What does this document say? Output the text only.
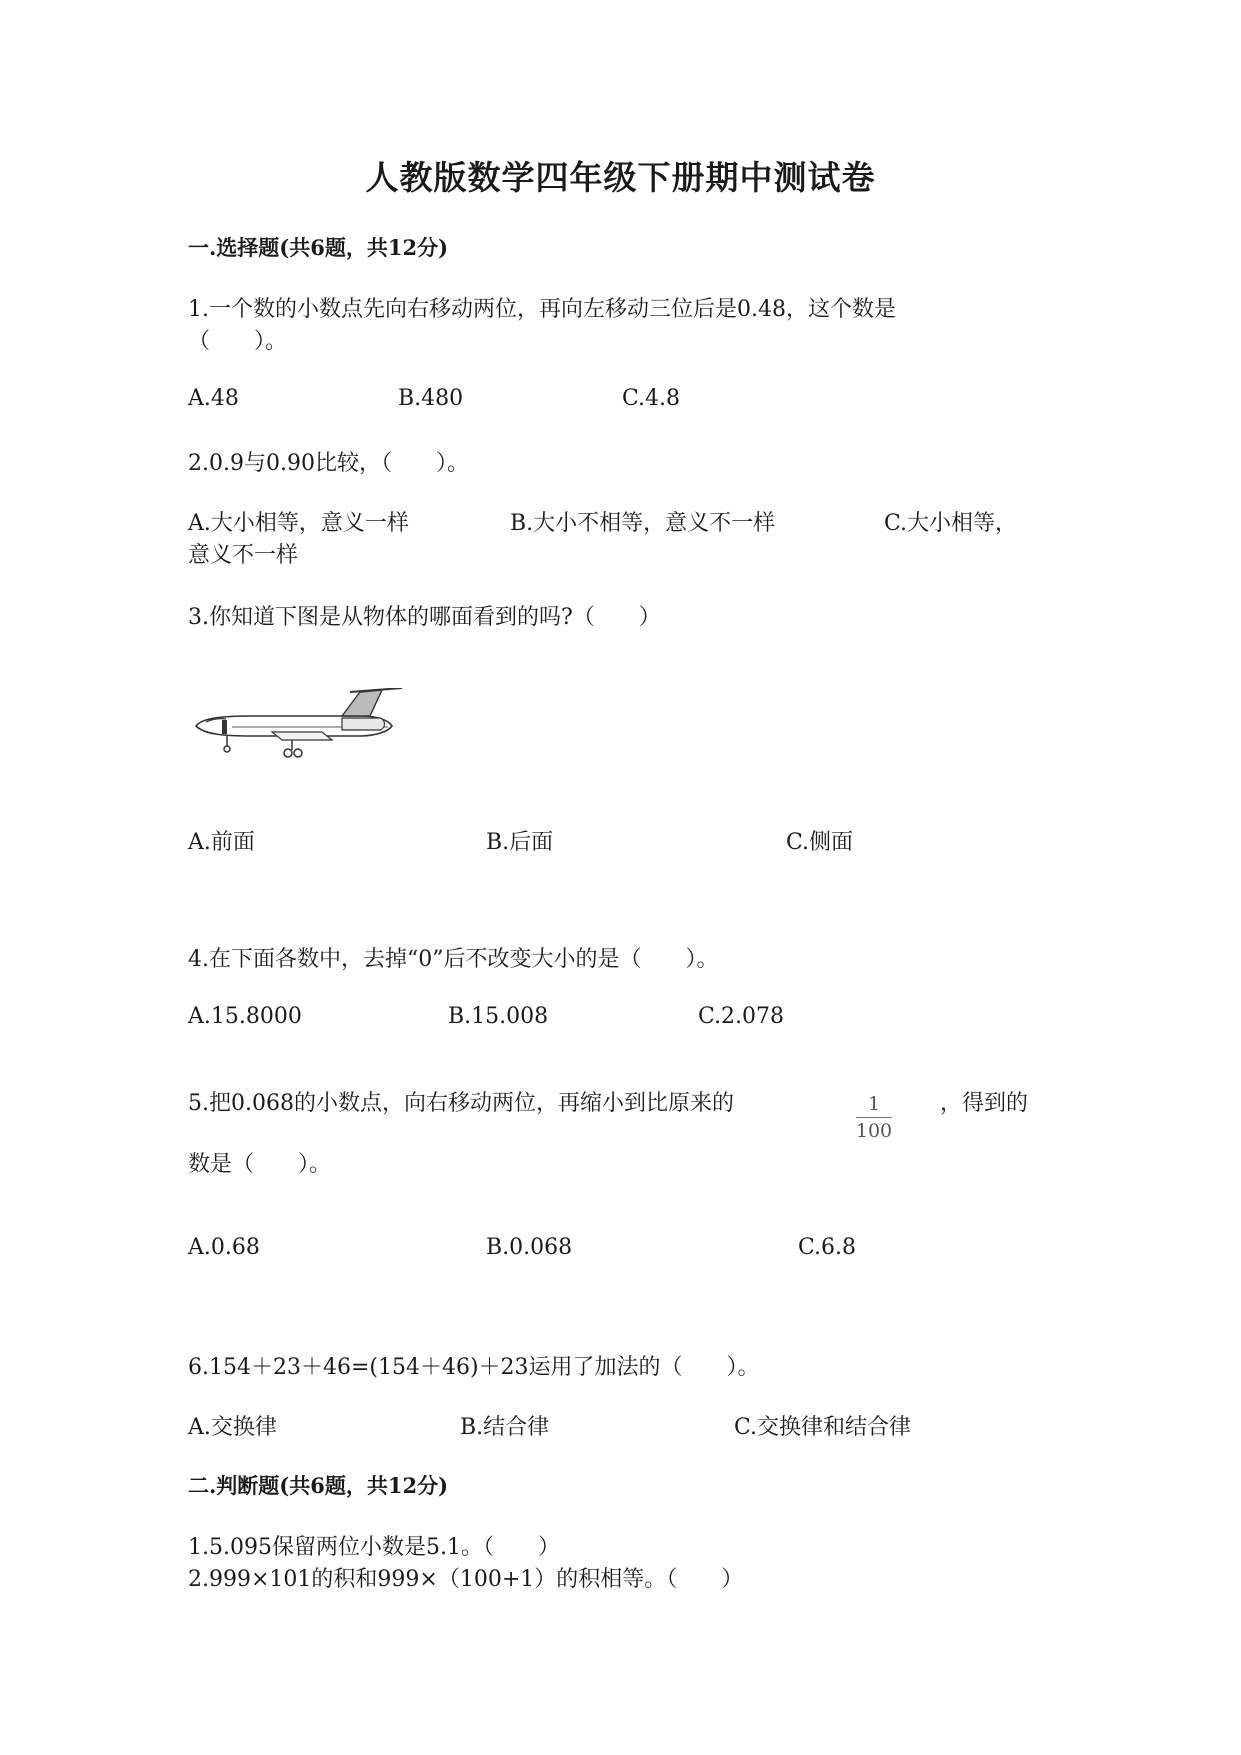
人教版数学四年级下册期中测试卷
一.选择题(共6题，共12分)
1.一个数的小数点先向右移动两位，再向左移动三位后是0.48，这个数是
（　　）。
A.48	B.480	C.4.8
2.0.9与0.90比较，（　　）。
A.大小相等，意义一样	B.大小不相等，意义不一样	C.大小相等，
意义不一样
3.你知道下图是从物体的哪面看到的吗?（　　）
A.前面	B.后面	C.侧面
4.在下面各数中，去掉“0”后不改变大小的是（　　）。
A.15.8000	B.15.008	C.2.078
5.把0.068的小数点，向右移动两位，再缩小到比原来的	1
100
，得到的
数是（　　）。
A.0.68	B.0.068	C.6.8
6.154＋23＋46=(154＋46)＋23运用了加法的（　　）。
A.交换律	B.结合律	C.交换律和结合律
二.判断题(共6题，共12分)
1.5.095保留两位小数是5.1。（　　）
2.999×101的积和999×（100+1）的积相等。（　　）
